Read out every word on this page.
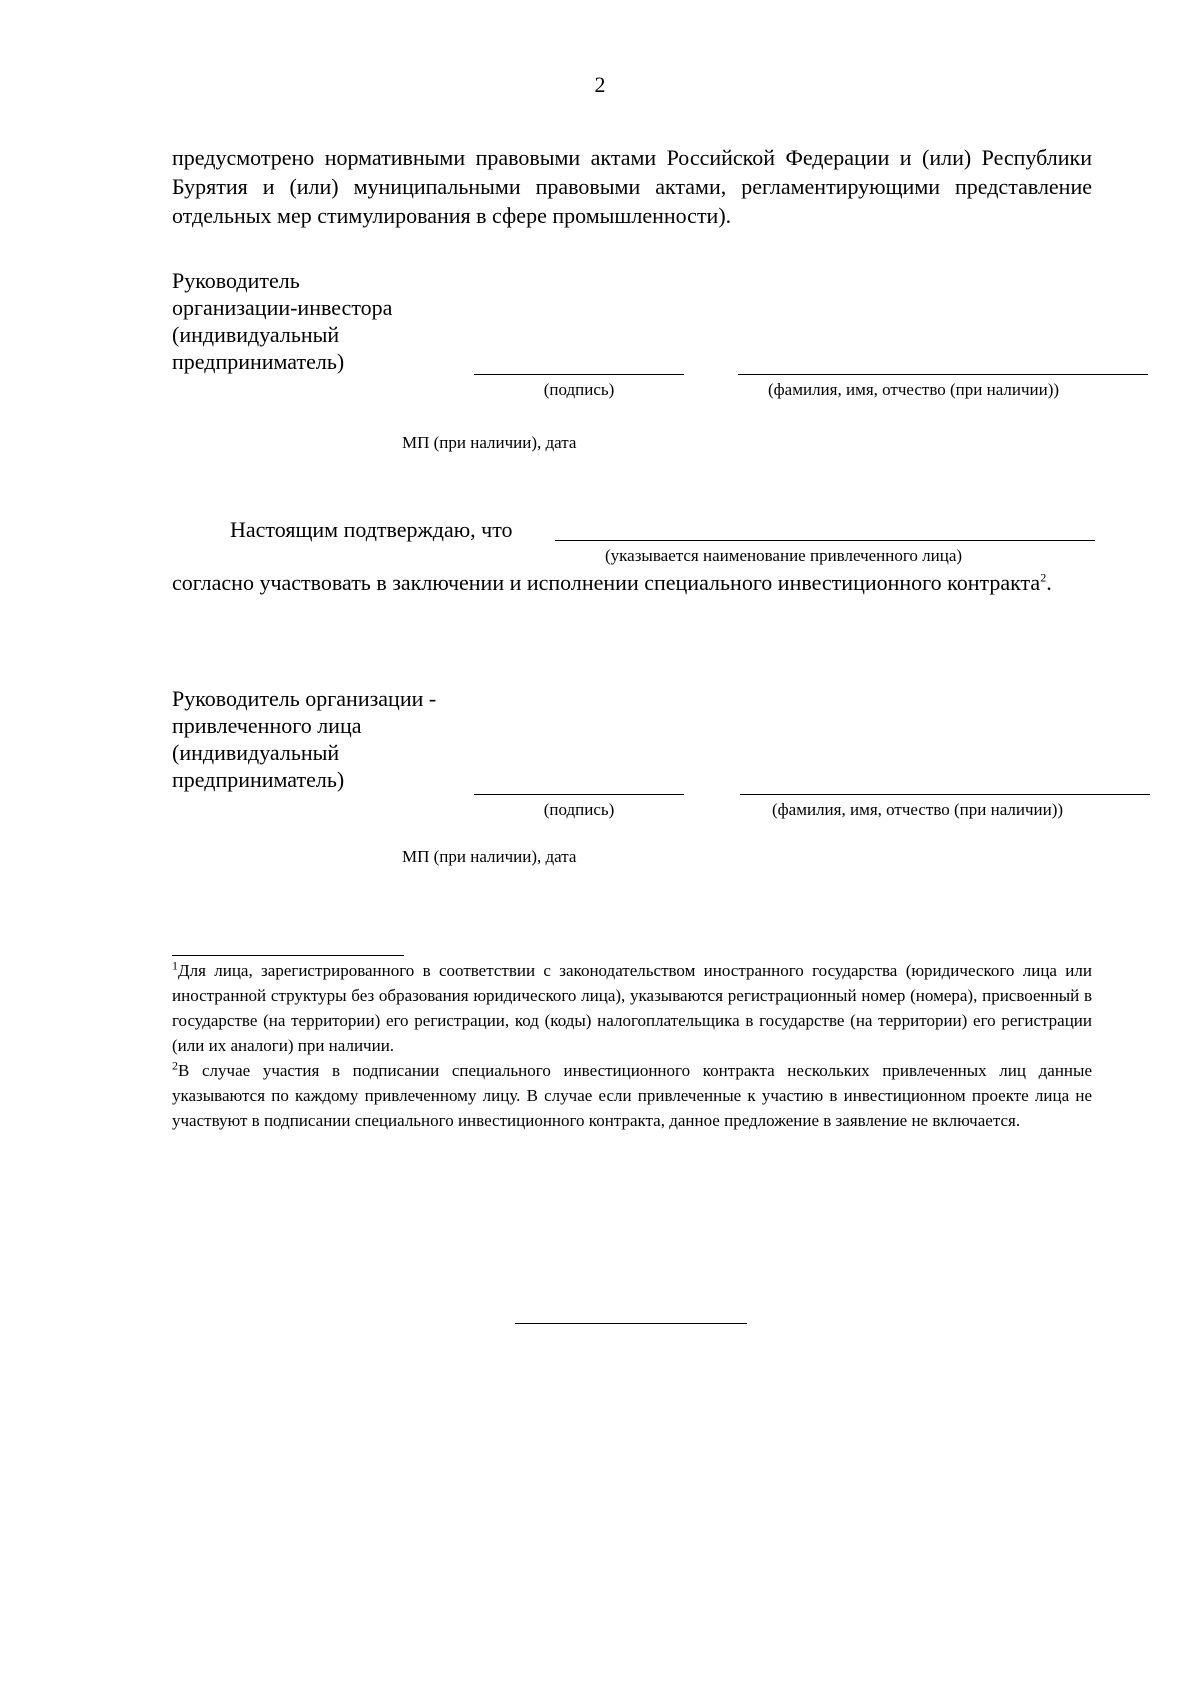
2

предусмотрено нормативными правовыми актами Российской Федерации и (или) Республики Бурятия и (или) муниципальными правовыми актами, регламентирующими представление отдельных мер стимулирования в сфере промышленности).

Руководитель
организации-инвестора
(индивидуальный
предприниматель)
(подпись)	(фамилия, имя, отчество (при наличии))
МП (при наличии), дата
Настоящим подтверждаю, что
(указывается наименование привлеченного лица)

согласно участвовать в заключении и исполнении специального инвестиционного контракта$^2$.

Руководитель организации -
привлеченного лица
(индивидуальный
предприниматель)
(подпись)	(фамилия, имя, отчество (при наличии))
МП (при наличии), дата

$^1$Для лица, зарегистрированного в соответствии с законодательством иностранного государства (юридического лица или иностранной структуры без образования юридического лица), указываются регистрационный номер (номера), присвоенный в государстве (на территории) его регистрации, код (коды) налогоплательщика в государстве (на территории) его регистрации (или их аналоги) при наличии.

$^2$В случае участия в подписании специального инвестиционного контракта нескольких привлеченных лиц данные указываются по каждому привлеченному лицу. В случае если привлеченные к участию в инвестиционном проекте лица не участвуют в подписании специального инвестиционного контракта, данное предложение в заявление не включается.
